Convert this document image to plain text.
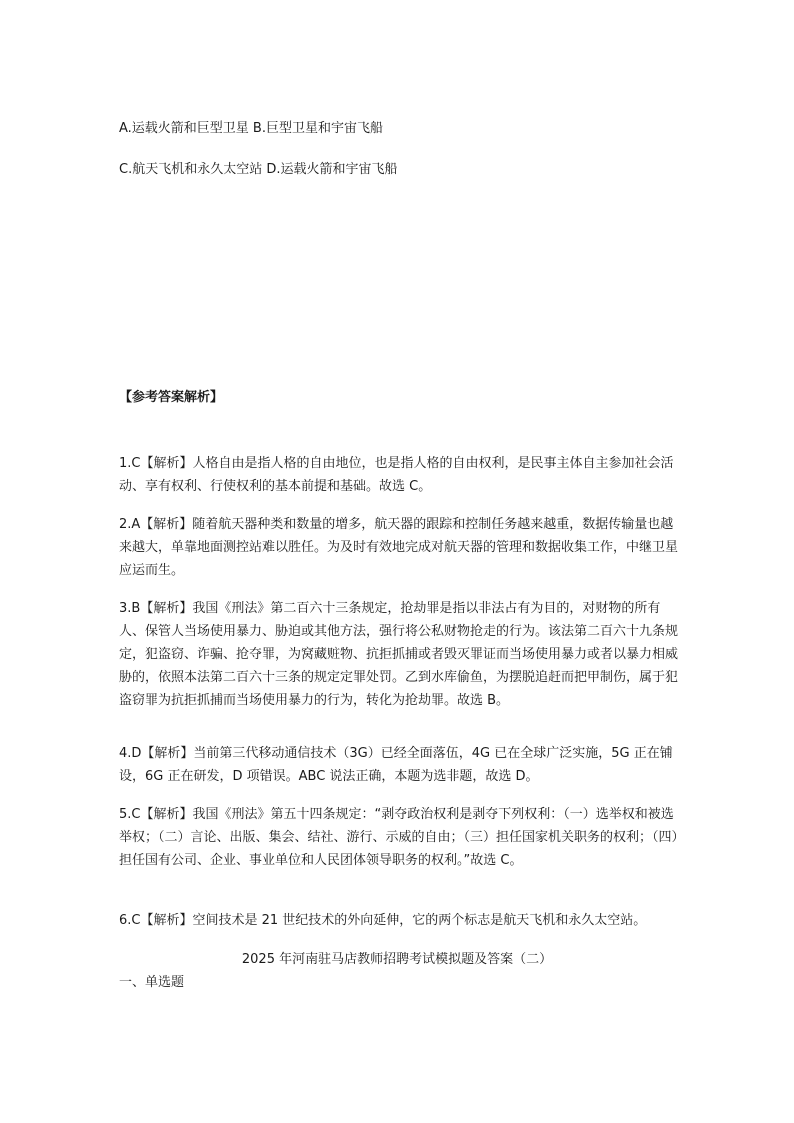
A.运载火箭和巨型卫星 B.巨型卫星和宇宙飞船
C.航天飞机和永久太空站 D.运载火箭和宇宙飞船
【参考答案解析】
1.C【解析】人格自由是指人格的自由地位，也是指人格的自由权利，是民事主体自主参加社会活动、享有权利、行使权利的基本前提和基础。故选 C。
2.A【解析】随着航天器种类和数量的增多，航天器的跟踪和控制任务越来越重，数据传输量也越来越大，单靠地面测控站难以胜任。为及时有效地完成对航天器的管理和数据收集工作，中继卫星应运而生。
3.B【解析】我国《刑法》第二百六十三条规定，抢劫罪是指以非法占有为目的，对财物的所有人、保管人当场使用暴力、胁迫或其他方法，强行将公私财物抢走的行为。该法第二百六十九条规定，犯盗窃、诈骗、抢夺罪，为窝藏赃物、抗拒抓捕或者毁灭罪证而当场使用暴力或者以暴力相威胁的，依照本法第二百六十三条的规定定罪处罚。乙到水库偷鱼，为摆脱追赶而把甲制伤，属于犯盗窃罪为抗拒抓捕而当场使用暴力的行为，转化为抢劫罪。故选 B。
4.D【解析】当前第三代移动通信技术（3G）已经全面落伍，4G 已在全球广泛实施，5G 正在铺设，6G 正在研发，D 项错误。ABC 说法正确，本题为选非题，故选 D。
5.C【解析】我国《刑法》第五十四条规定：“剥夺政治权利是剥夺下列权利：（一）选举权和被选举权；（二）言论、出版、集会、结社、游行、示威的自由；（三）担任国家机关职务的权利；（四）担任国有公司、企业、事业单位和人民团体领导职务的权利。”故选 C。
6.C【解析】空间技术是 21 世纪技术的外向延伸，它的两个标志是航天飞机和永久太空站。
2025 年河南驻马店教师招聘考试模拟题及答案（二）
一、单选题
